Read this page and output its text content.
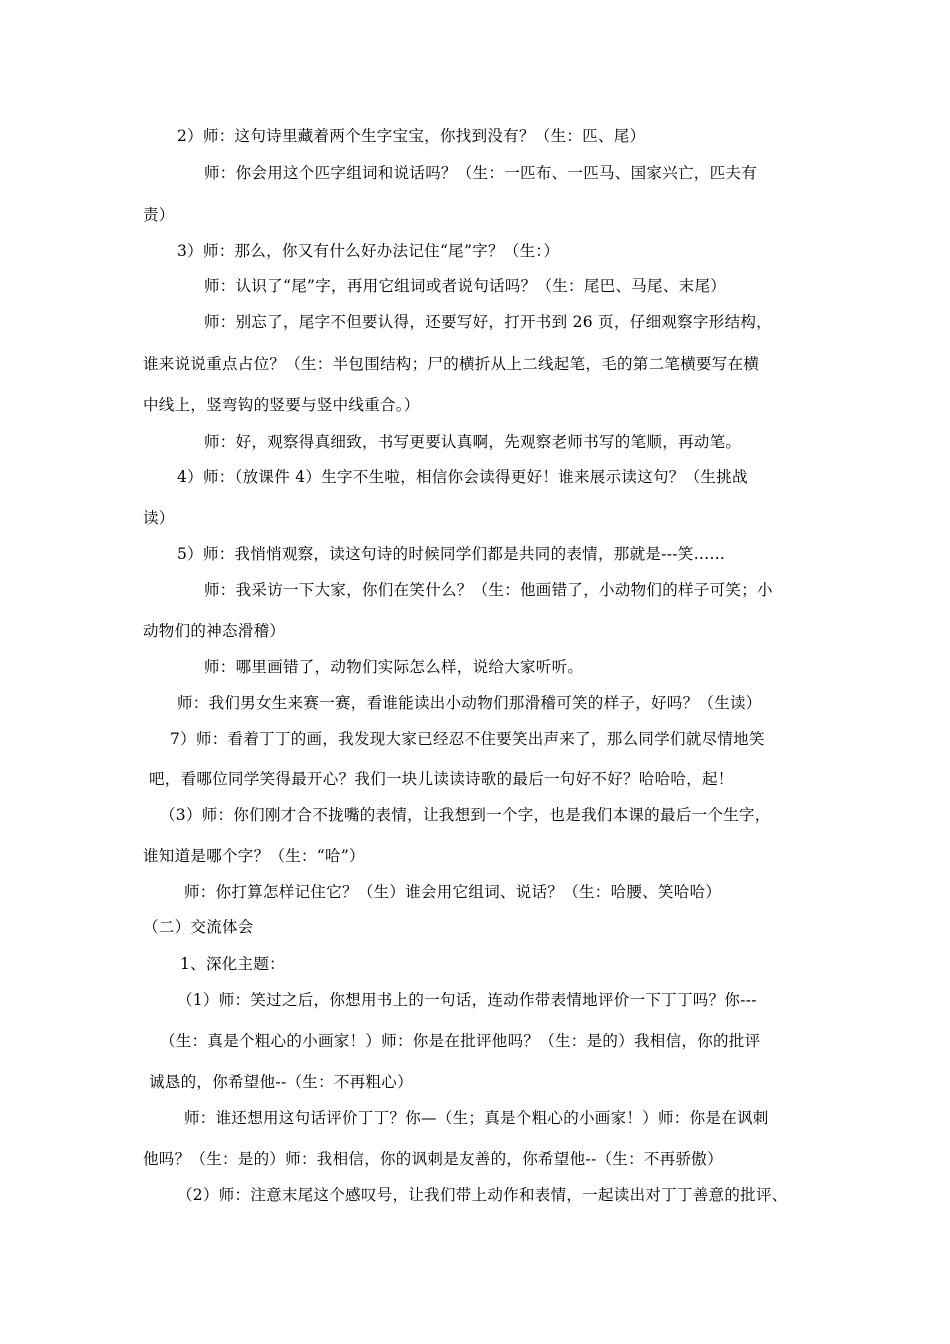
2）师：这句诗里藏着两个生字宝宝，你找到没有？（生：匹、尾）
师：你会用这个匹字组词和说话吗？（生：一匹布、一匹马、国家兴亡，匹夫有
责）
3）师：那么，你又有什么好办法记住“尾”字？（生：）
师：认识了“尾”字，再用它组词或者说句话吗？（生：尾巴、马尾、末尾）
师：别忘了，尾字不但要认得，还要写好，打开书到 26 页，仔细观察字形结构，
谁来说说重点占位？（生：半包围结构；尸的横折从上二线起笔，毛的第二笔横要写在横
中线上，竖弯钩的竖要与竖中线重合。）
师：好，观察得真细致，书写更要认真啊，先观察老师书写的笔顺，再动笔。
4）师：（放课件 4）生字不生啦，相信你会读得更好！谁来展示读这句？（生挑战
读）
5）师：我悄悄观察，读这句诗的时候同学们都是共同的表情，那就是---笑……
师：我采访一下大家，你们在笑什么？（生：他画错了，小动物们的样子可笑；小
动物们的神态滑稽）
师：哪里画错了，动物们实际怎么样，说给大家听听。
师：我们男女生来赛一赛，看谁能读出小动物们那滑稽可笑的样子，好吗？（生读）
7）师：看着丁丁的画，我发现大家已经忍不住要笑出声来了，那么同学们就尽情地笑
吧，看哪位同学笑得最开心？我们一块儿读读诗歌的最后一句好不好？哈哈哈，起！
（3）师：你们刚才合不拢嘴的表情，让我想到一个字，也是我们本课的最后一个生字，
谁知道是哪个字？（生：“哈”）
师：你打算怎样记住它？（生）谁会用它组词、说话？（生：哈腰、笑哈哈）
（二）交流体会
1、深化主题：
（1）师：笑过之后，你想用书上的一句话，连动作带表情地评价一下丁丁吗？你---
（生：真是个粗心的小画家！）师：你是在批评他吗？（生：是的）我相信，你的批评
诚恳的，你希望他--（生：不再粗心）
师：谁还想用这句话评价丁丁？你—（生；真是个粗心的小画家！）师：你是在讽刺
他吗？（生：是的）师：我相信，你的讽刺是友善的，你希望他--（生：不再骄傲）
（2）师：注意末尾这个感叹号，让我们带上动作和表情，一起读出对丁丁善意的批评、
